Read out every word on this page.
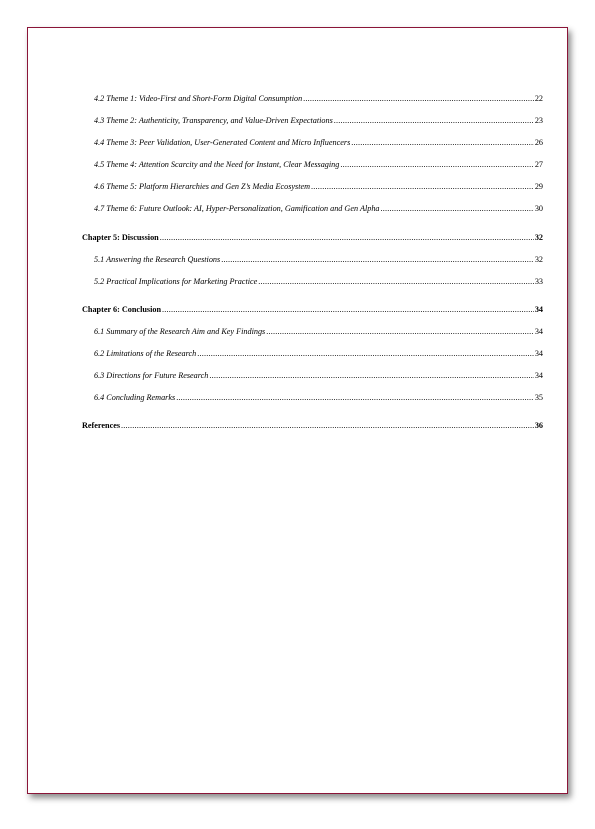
4.2 Theme 1: Video-First and Short-Form Digital Consumption .....	22
4.3 Theme 2: Authenticity, Transparency, and Value-Driven Expectations .....	23
4.4 Theme 3: Peer Validation, User-Generated Content and Micro Influencers .....	26
4.5 Theme 4: Attention Scarcity and the Need for Instant, Clear Messaging .....	27
4.6 Theme 5: Platform Hierarchies and Gen Z’s Media Ecosystem .....	29
4.7 Theme 6: Future Outlook: AI, Hyper-Personalization, Gamification and Gen Alpha .....	30
Chapter 5: Discussion .....	32
5.1 Answering the Research Questions .....	32
5.2 Practical Implications for Marketing Practice .....	33
Chapter 6: Conclusion .....	34
6.1 Summary of the Research Aim and Key Findings .....	34
6.2 Limitations of the Research .....	34
6.3 Directions for Future Research .....	34
6.4 Concluding Remarks .....	35
References .....	36
